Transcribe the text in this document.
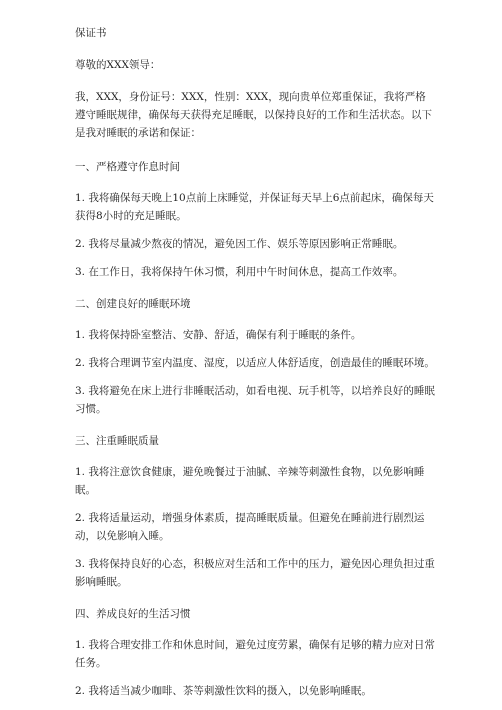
保证书

尊敬的XXX领导：

我，XXX，身份证号：XXX，性别：XXX，现向贵单位郑重保证，我将严格遵守睡眠规律，确保每天获得充足睡眠，以保持良好的工作和生活状态。以下是我对睡眠的承诺和保证：

一、严格遵守作息时间

1. 我将确保每天晚上10点前上床睡觉，并保证每天早上6点前起床，确保每天获得8小时的充足睡眠。

2. 我将尽量减少熬夜的情况，避免因工作、娱乐等原因影响正常睡眠。

3. 在工作日，我将保持午休习惯，利用中午时间休息，提高工作效率。

二、创建良好的睡眠环境

1. 我将保持卧室整洁、安静、舒适，确保有利于睡眠的条件。

2. 我将合理调节室内温度、湿度，以适应人体舒适度，创造最佳的睡眠环境。

3. 我将避免在床上进行非睡眠活动，如看电视、玩手机等，以培养良好的睡眠习惯。

三、注重睡眠质量

1. 我将注意饮食健康，避免晚餐过于油腻、辛辣等刺激性食物，以免影响睡眠。

2. 我将适量运动，增强身体素质，提高睡眠质量。但避免在睡前进行剧烈运动，以免影响入睡。

3. 我将保持良好的心态，积极应对生活和工作中的压力，避免因心理负担过重影响睡眠。

四、养成良好的生活习惯

1. 我将合理安排工作和休息时间，避免过度劳累，确保有足够的精力应对日常任务。

2. 我将适当减少咖啡、茶等刺激性饮料的摄入，以免影响睡眠。
